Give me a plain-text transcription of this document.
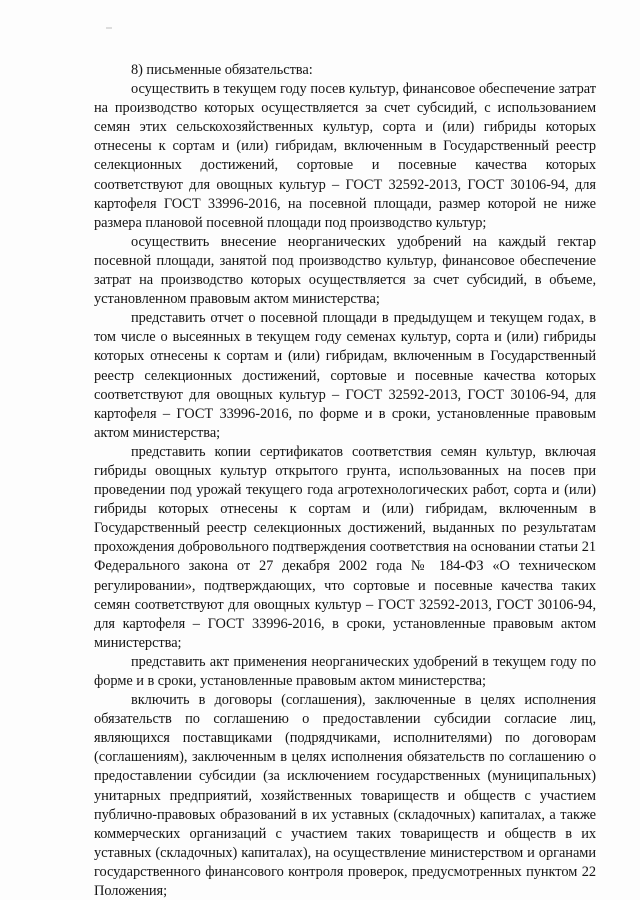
8) письменные обязательства:

осуществить в текущем году посев культур, финансовое обеспечение затрат на производство которых осуществляется за счет субсидий, с использованием семян этих сельскохозяйственных культур, сорта и (или) гибриды которых отнесены к сортам и (или) гибридам, включенным в Государственный реестр селекционных достижений, сортовые и посевные качества которых соответствуют для овощных культур – ГОСТ 32592-2013, ГОСТ 30106-94, для картофеля ГОСТ 33996-2016, на посевной площади, размер которой не ниже размера плановой посевной площади под производство культур;

осуществить внесение неорганических удобрений на каждый гектар посевной площади, занятой под производство культур, финансовое обеспечение затрат на производство которых осуществляется за счет субсидий, в объеме, установленном правовым актом министерства;

представить отчет о посевной площади в предыдущем и текущем годах, в том числе о высеянных в текущем году семенах культур, сорта и (или) гибриды которых отнесены к сортам и (или) гибридам, включенным в Государственный реестр селекционных достижений, сортовые и посевные качества которых соответствуют для овощных культур – ГОСТ 32592-2013, ГОСТ 30106-94, для картофеля – ГОСТ 33996-2016, по форме и в сроки, установленные правовым актом министерства;

представить копии сертификатов соответствия семян культур, включая гибриды овощных культур открытого грунта, использованных на посев при проведении под урожай текущего года агротехнологических работ, сорта и (или) гибриды которых отнесены к сортам и (или) гибридам, включенным в Государственный реестр селекционных достижений, выданных по результатам прохождения добровольного подтверждения соответствия на основании статьи 21 Федерального закона от 27 декабря 2002 года № 184-ФЗ «О техническом регулировании», подтверждающих, что сортовые и посевные качества таких семян соответствуют для овощных культур – ГОСТ 32592-2013, ГОСТ 30106-94, для картофеля – ГОСТ 33996-2016, в сроки, установленные правовым актом министерства;

представить акт применения неорганических удобрений в текущем году по форме и в сроки, установленные правовым актом министерства;

включить в договоры (соглашения), заключенные в целях исполнения обязательств по соглашению о предоставлении субсидии согласие лиц, являющихся поставщиками (подрядчиками, исполнителями) по договорам (соглашениям), заключенным в целях исполнения обязательств по соглашению о предоставлении субсидии (за исключением государственных (муниципальных) унитарных предприятий, хозяйственных товариществ и обществ с участием публично-правовых образований в их уставных (складочных) капиталах, а также коммерческих организаций с участием таких товариществ и обществ в их уставных (складочных) капиталах), на осуществление министерством и органами государственного финансового контроля проверок, предусмотренных пунктом 22 Положения;
